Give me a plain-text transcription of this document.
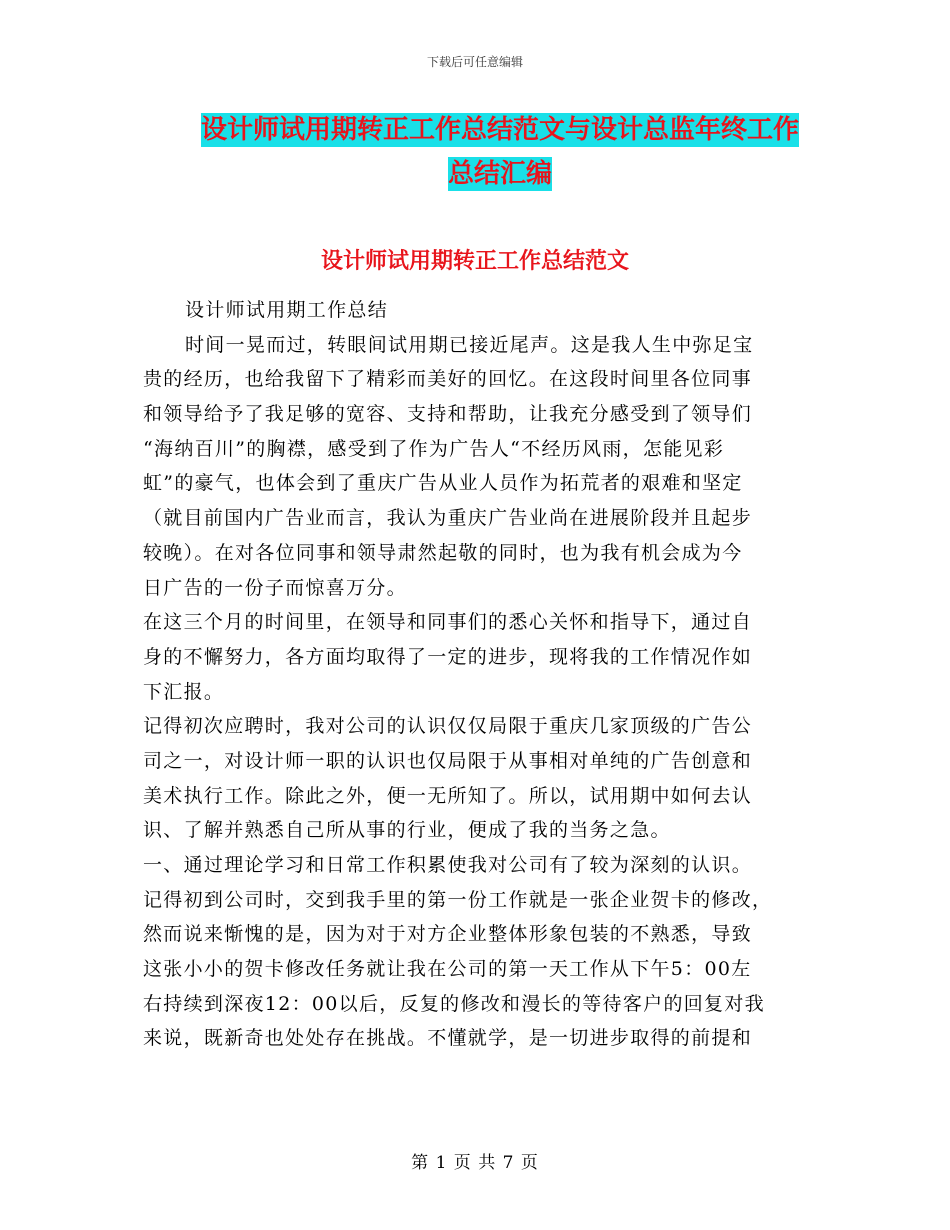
下载后可任意编辑
设计师试用期转正工作总结范文与设计总监年终工作
总结汇编
设计师试用期转正工作总结范文
设计师试用期工作总结
时间一晃而过，转眼间试用期已接近尾声。这是我人生中弥足宝
贵的经历，也给我留下了精彩而美好的回忆。在这段时间里各位同事
和领导给予了我足够的宽容、支持和帮助，让我充分感受到了领导们
“海纳百川”的胸襟，感受到了作为广告人“不经历风雨，怎能见彩
虹”的豪气，也体会到了重庆广告从业人员作为拓荒者的艰难和坚定
（就目前国内广告业而言，我认为重庆广告业尚在进展阶段并且起步
较晚）。在对各位同事和领导肃然起敬的同时，也为我有机会成为今
日广告的一份子而惊喜万分。
在这三个月的时间里，在领导和同事们的悉心关怀和指导下，通过自
身的不懈努力，各方面均取得了一定的进步，现将我的工作情况作如
下汇报。
记得初次应聘时，我对公司的认识仅仅局限于重庆几家顶级的广告公
司之一，对设计师一职的认识也仅局限于从事相对单纯的广告创意和
美术执行工作。除此之外，便一无所知了。所以，试用期中如何去认
识、了解并熟悉自己所从事的行业，便成了我的当务之急。
一、通过理论学习和日常工作积累使我对公司有了较为深刻的认识。
记得初到公司时，交到我手里的第一份工作就是一张企业贺卡的修改，
然而说来惭愧的是，因为对于对方企业整体形象包装的不熟悉，导致
这张小小的贺卡修改任务就让我在公司的第一天工作从下午5：00左
右持续到深夜12：00以后，反复的修改和漫长的等待客户的回复对我
来说，既新奇也处处存在挑战。不懂就学，是一切进步取得的前提和
第 1 页 共 7 页
